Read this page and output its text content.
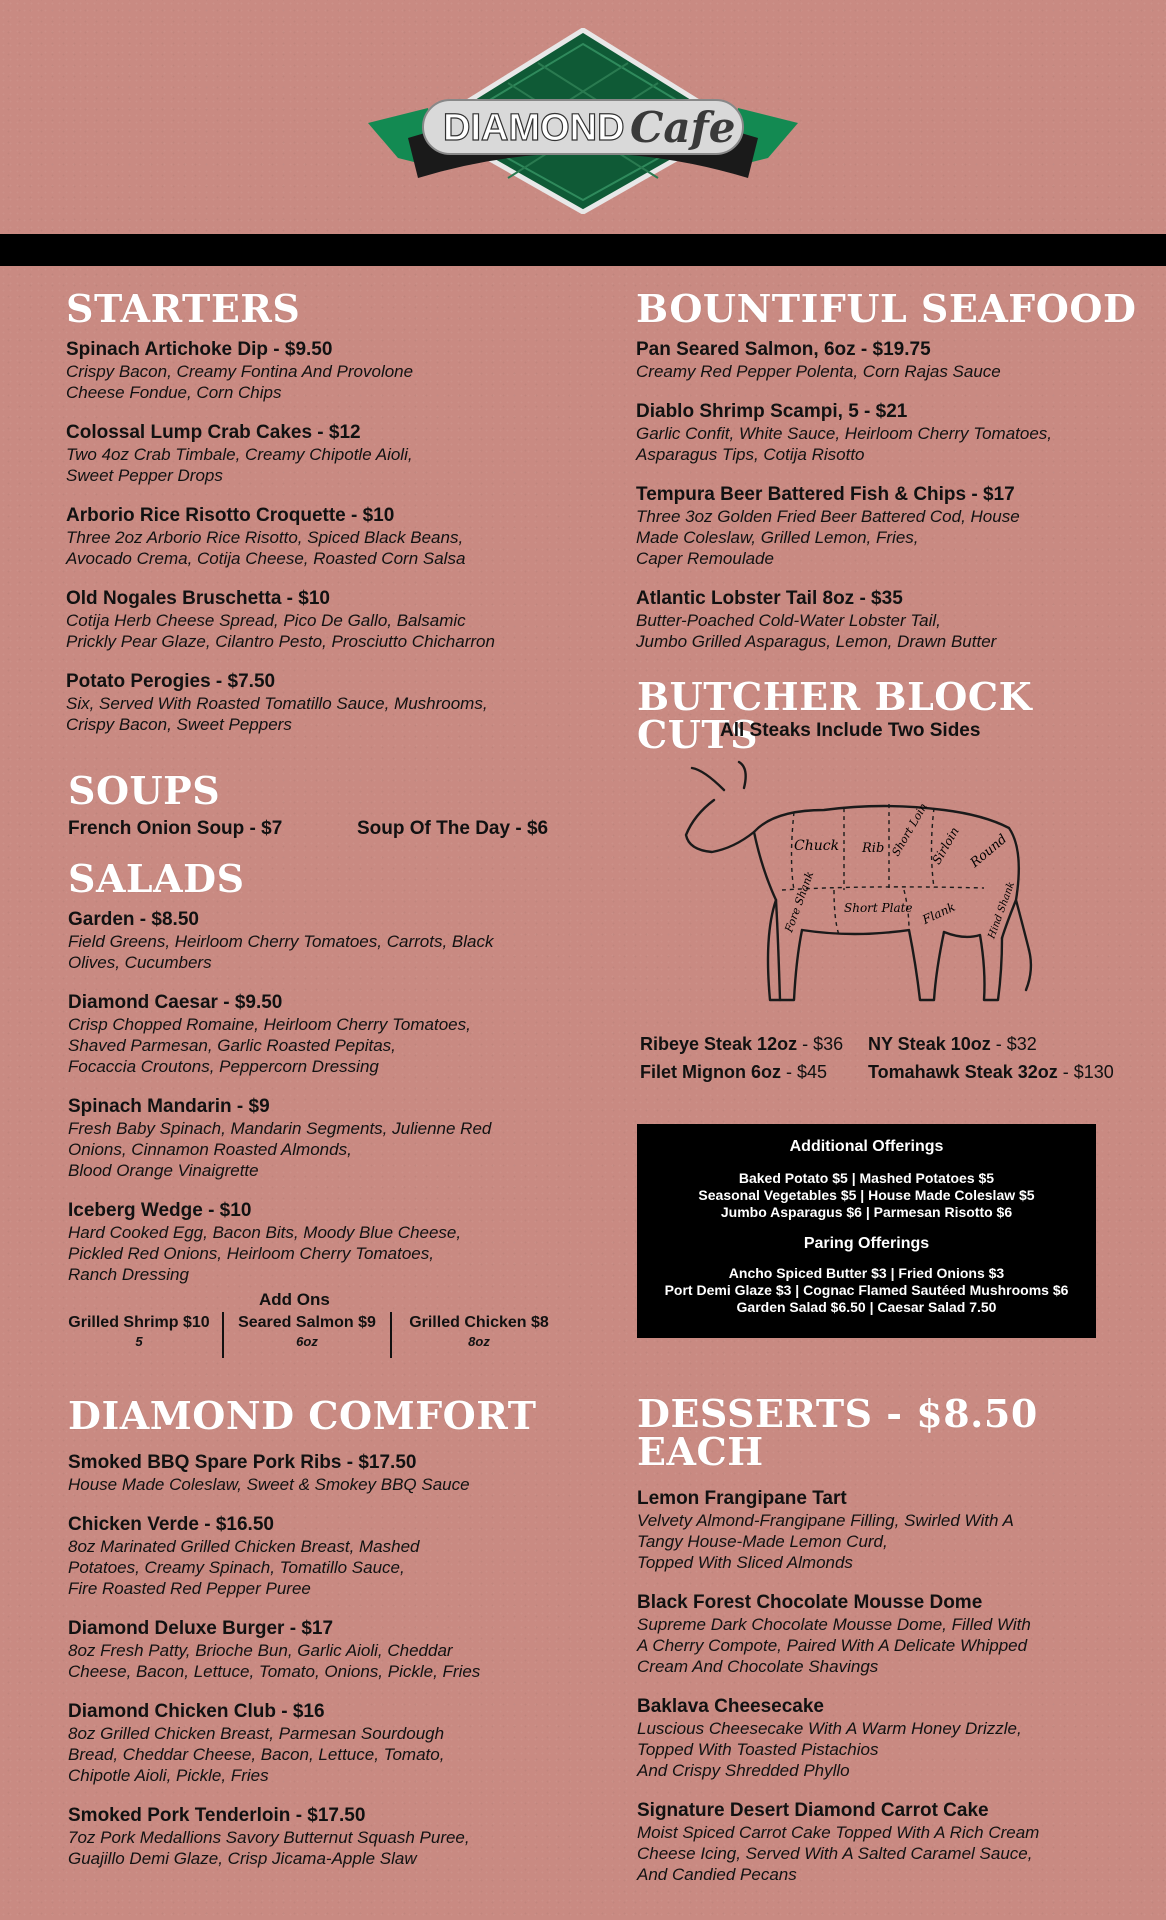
DIAMOND Cafe
STARTERS
Spinach Artichoke Dip - $9.50
Crispy Bacon, Creamy Fontina And Provolone
Cheese Fondue, Corn Chips
Colossal Lump Crab Cakes - $12
Two 4oz Crab Timbale, Creamy Chipotle Aioli,
Sweet Pepper Drops
Arborio Rice Risotto Croquette - $10
Three 2oz Arborio Rice Risotto, Spiced Black Beans,
Avocado Crema, Cotija Cheese, Roasted Corn Salsa
Old Nogales Bruschetta - $10
Cotija Herb Cheese Spread, Pico De Gallo, Balsamic
Prickly Pear Glaze, Cilantro Pesto, Prosciutto Chicharron
Potato Perogies - $7.50
Six, Served With Roasted Tomatillo Sauce, Mushrooms,
Crispy Bacon, Sweet Peppers
SOUPS
French Onion Soup - $7	Soup Of The Day - $6
SALADS
Garden - $8.50
Field Greens, Heirloom Cherry Tomatoes, Carrots, Black
Olives, Cucumbers
Diamond Caesar - $9.50
Crisp Chopped Romaine, Heirloom Cherry Tomatoes,
Shaved Parmesan, Garlic Roasted Pepitas,
Focaccia Croutons, Peppercorn Dressing
Spinach Mandarin - $9
Fresh Baby Spinach, Mandarin Segments, Julienne Red
Onions, Cinnamon Roasted Almonds,
Blood Orange Vinaigrette
Iceberg Wedge - $10
Hard Cooked Egg, Bacon Bits, Moody Blue Cheese,
Pickled Red Onions, Heirloom Cherry Tomatoes,
Ranch Dressing
Add Ons
Grilled Shrimp $10
5
Seared Salmon $9
6oz
Grilled Chicken $8
8oz
DIAMOND COMFORT
Smoked BBQ Spare Pork Ribs - $17.50
House Made Coleslaw, Sweet & Smokey BBQ Sauce
Chicken Verde - $16.50
8oz Marinated Grilled Chicken Breast, Mashed
Potatoes, Creamy Spinach, Tomatillo Sauce,
Fire Roasted Red Pepper Puree
Diamond Deluxe Burger - $17
8oz Fresh Patty, Brioche Bun, Garlic Aioli, Cheddar
Cheese, Bacon, Lettuce, Tomato, Onions, Pickle, Fries
Diamond Chicken Club - $16
8oz Grilled Chicken Breast, Parmesan Sourdough
Bread, Cheddar Cheese, Bacon, Lettuce, Tomato,
Chipotle Aioli, Pickle, Fries
Smoked Pork Tenderloin - $17.50
7oz Pork Medallions Savory Butternut Squash Puree,
Guajillo Demi Glaze, Crisp Jicama-Apple Slaw
BOUNTIFUL SEAFOOD
Pan Seared Salmon, 6oz - $19.75
Creamy Red Pepper Polenta, Corn Rajas Sauce
Diablo Shrimp Scampi, 5 - $21
Garlic Confit, White Sauce, Heirloom Cherry Tomatoes,
Asparagus Tips, Cotija Risotto
Tempura Beer Battered Fish & Chips - $17
Three 3oz Golden Fried Beer Battered Cod, House
Made Coleslaw, Grilled Lemon, Fries,
Caper Remoulade
Atlantic Lobster Tail 8oz - $35
Butter-Poached Cold-Water Lobster Tail,
Jumbo Grilled Asparagus, Lemon, Drawn Butter
BUTCHER BLOCK CUTS
All Steaks Include Two Sides
Chuck Rib Short Loin Sirloin Round
Fore Shank Short Plate Flank	Hind Shank
Ribeye Steak 12oz - $36 NY Steak 10oz - $32
Filet Mignon 6oz - $45 Tomahawk Steak 32oz - $130
Additional Offerings
Baked Potato $5 | Mashed Potatoes $5
Seasonal Vegetables $5 | House Made Coleslaw $5
Jumbo Asparagus $6 | Parmesan Risotto $6
Paring Offerings
Ancho Spiced Butter $3 | Fried Onions $3
Port Demi Glaze $3 | Cognac Flamed Sautéed Mushrooms $6
Garden Salad $6.50 | Caesar Salad 7.50
DESSERTS - $8.50 EACH
Lemon Frangipane Tart
Velvety Almond-Frangipane Filling, Swirled With A
Tangy House-Made Lemon Curd,
Topped With Sliced Almonds
Black Forest Chocolate Mousse Dome
Supreme Dark Chocolate Mousse Dome, Filled With
A Cherry Compote, Paired With A Delicate Whipped
Cream And Chocolate Shavings
Baklava Cheesecake
Luscious Cheesecake With A Warm Honey Drizzle,
Topped With Toasted Pistachios
And Crispy Shredded Phyllo
Signature Desert Diamond Carrot Cake
Moist Spiced Carrot Cake Topped With A Rich Cream
Cheese Icing, Served With A Salted Caramel Sauce,
And Candied Pecans
